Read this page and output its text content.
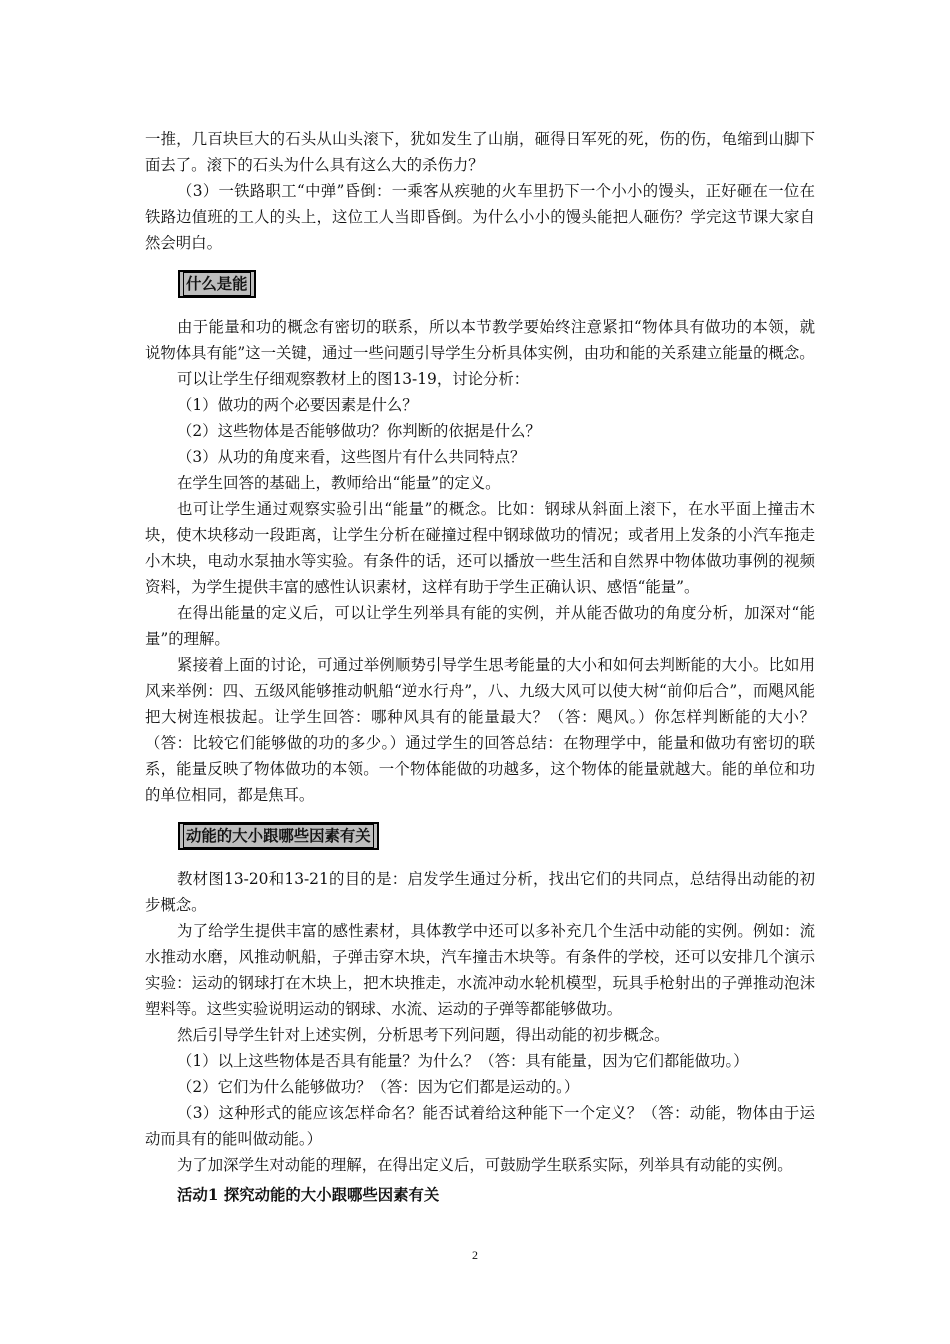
一推，几百块巨大的石头从山头滚下，犹如发生了山崩，砸得日军死的死，伤的伤，龟缩到山脚下面去了。滚下的石头为什么具有这么大的杀伤力？

（3）一铁路职工“中弹”昏倒：一乘客从疾驰的火车里扔下一个小小的馒头，正好砸在一位在铁路边值班的工人的头上，这位工人当即昏倒。为什么小小的馒头能把人砸伤？学完这节课大家自然会明白。

什么是能

由于能量和功的概念有密切的联系，所以本节教学要始终注意紧扣“物体具有做功的本领，就说物体具有能”这一关键，通过一些问题引导学生分析具体实例，由功和能的关系建立能量的概念。

可以让学生仔细观察教材上的图13-19，讨论分析：

（1）做功的两个必要因素是什么？

（2）这些物体是否能够做功？你判断的依据是什么？

（3）从功的角度来看，这些图片有什么共同特点？

在学生回答的基础上，教师给出“能量”的定义。

也可让学生通过观察实验引出“能量”的概念。比如：钢球从斜面上滚下，在水平面上撞击木块，使木块移动一段距离，让学生分析在碰撞过程中钢球做功的情况；或者用上发条的小汽车拖走小木块，电动水泵抽水等实验。有条件的话，还可以播放一些生活和自然界中物体做功事例的视频资料，为学生提供丰富的感性认识素材，这样有助于学生正确认识、感悟“能量”。

在得出能量的定义后，可以让学生列举具有能的实例，并从能否做功的角度分析，加深对“能量”的理解。

紧接着上面的讨论，可通过举例顺势引导学生思考能量的大小和如何去判断能的大小。比如用风来举例：四、五级风能够推动帆船“逆水行舟”，八、九级大风可以使大树“前仰后合”，而飓风能把大树连根拔起。让学生回答：哪种风具有的能量最大？（答：飓风。）你怎样判断能的大小？（答：比较它们能够做的功的多少。）通过学生的回答总结：在物理学中，能量和做功有密切的联系，能量反映了物体做功的本领。一个物体能做的功越多，这个物体的能量就越大。能的单位和功的单位相同，都是焦耳。

动能的大小跟哪些因素有关

教材图13-20和13-21的目的是：启发学生通过分析，找出它们的共同点，总结得出动能的初步概念。

为了给学生提供丰富的感性素材，具体教学中还可以多补充几个生活中动能的实例。例如：流水推动水磨，风推动帆船，子弹击穿木块，汽车撞击木块等。有条件的学校，还可以安排几个演示实验：运动的钢球打在木块上，把木块推走，水流冲动水轮机模型，玩具手枪射出的子弹推动泡沫塑料等。这些实验说明运动的钢球、水流、运动的子弹等都能够做功。

然后引导学生针对上述实例，分析思考下列问题，得出动能的初步概念。

（1）以上这些物体是否具有能量？为什么？（答：具有能量，因为它们都能做功。）

（2）它们为什么能够做功？（答：因为它们都是运动的。）

（3）这种形式的能应该怎样命名？能否试着给这种能下一个定义？（答：动能，物体由于运动而具有的能叫做动能。）

为了加深学生对动能的理解，在得出定义后，可鼓励学生联系实际，列举具有动能的实例。

活动1 探究动能的大小跟哪些因素有关

2
